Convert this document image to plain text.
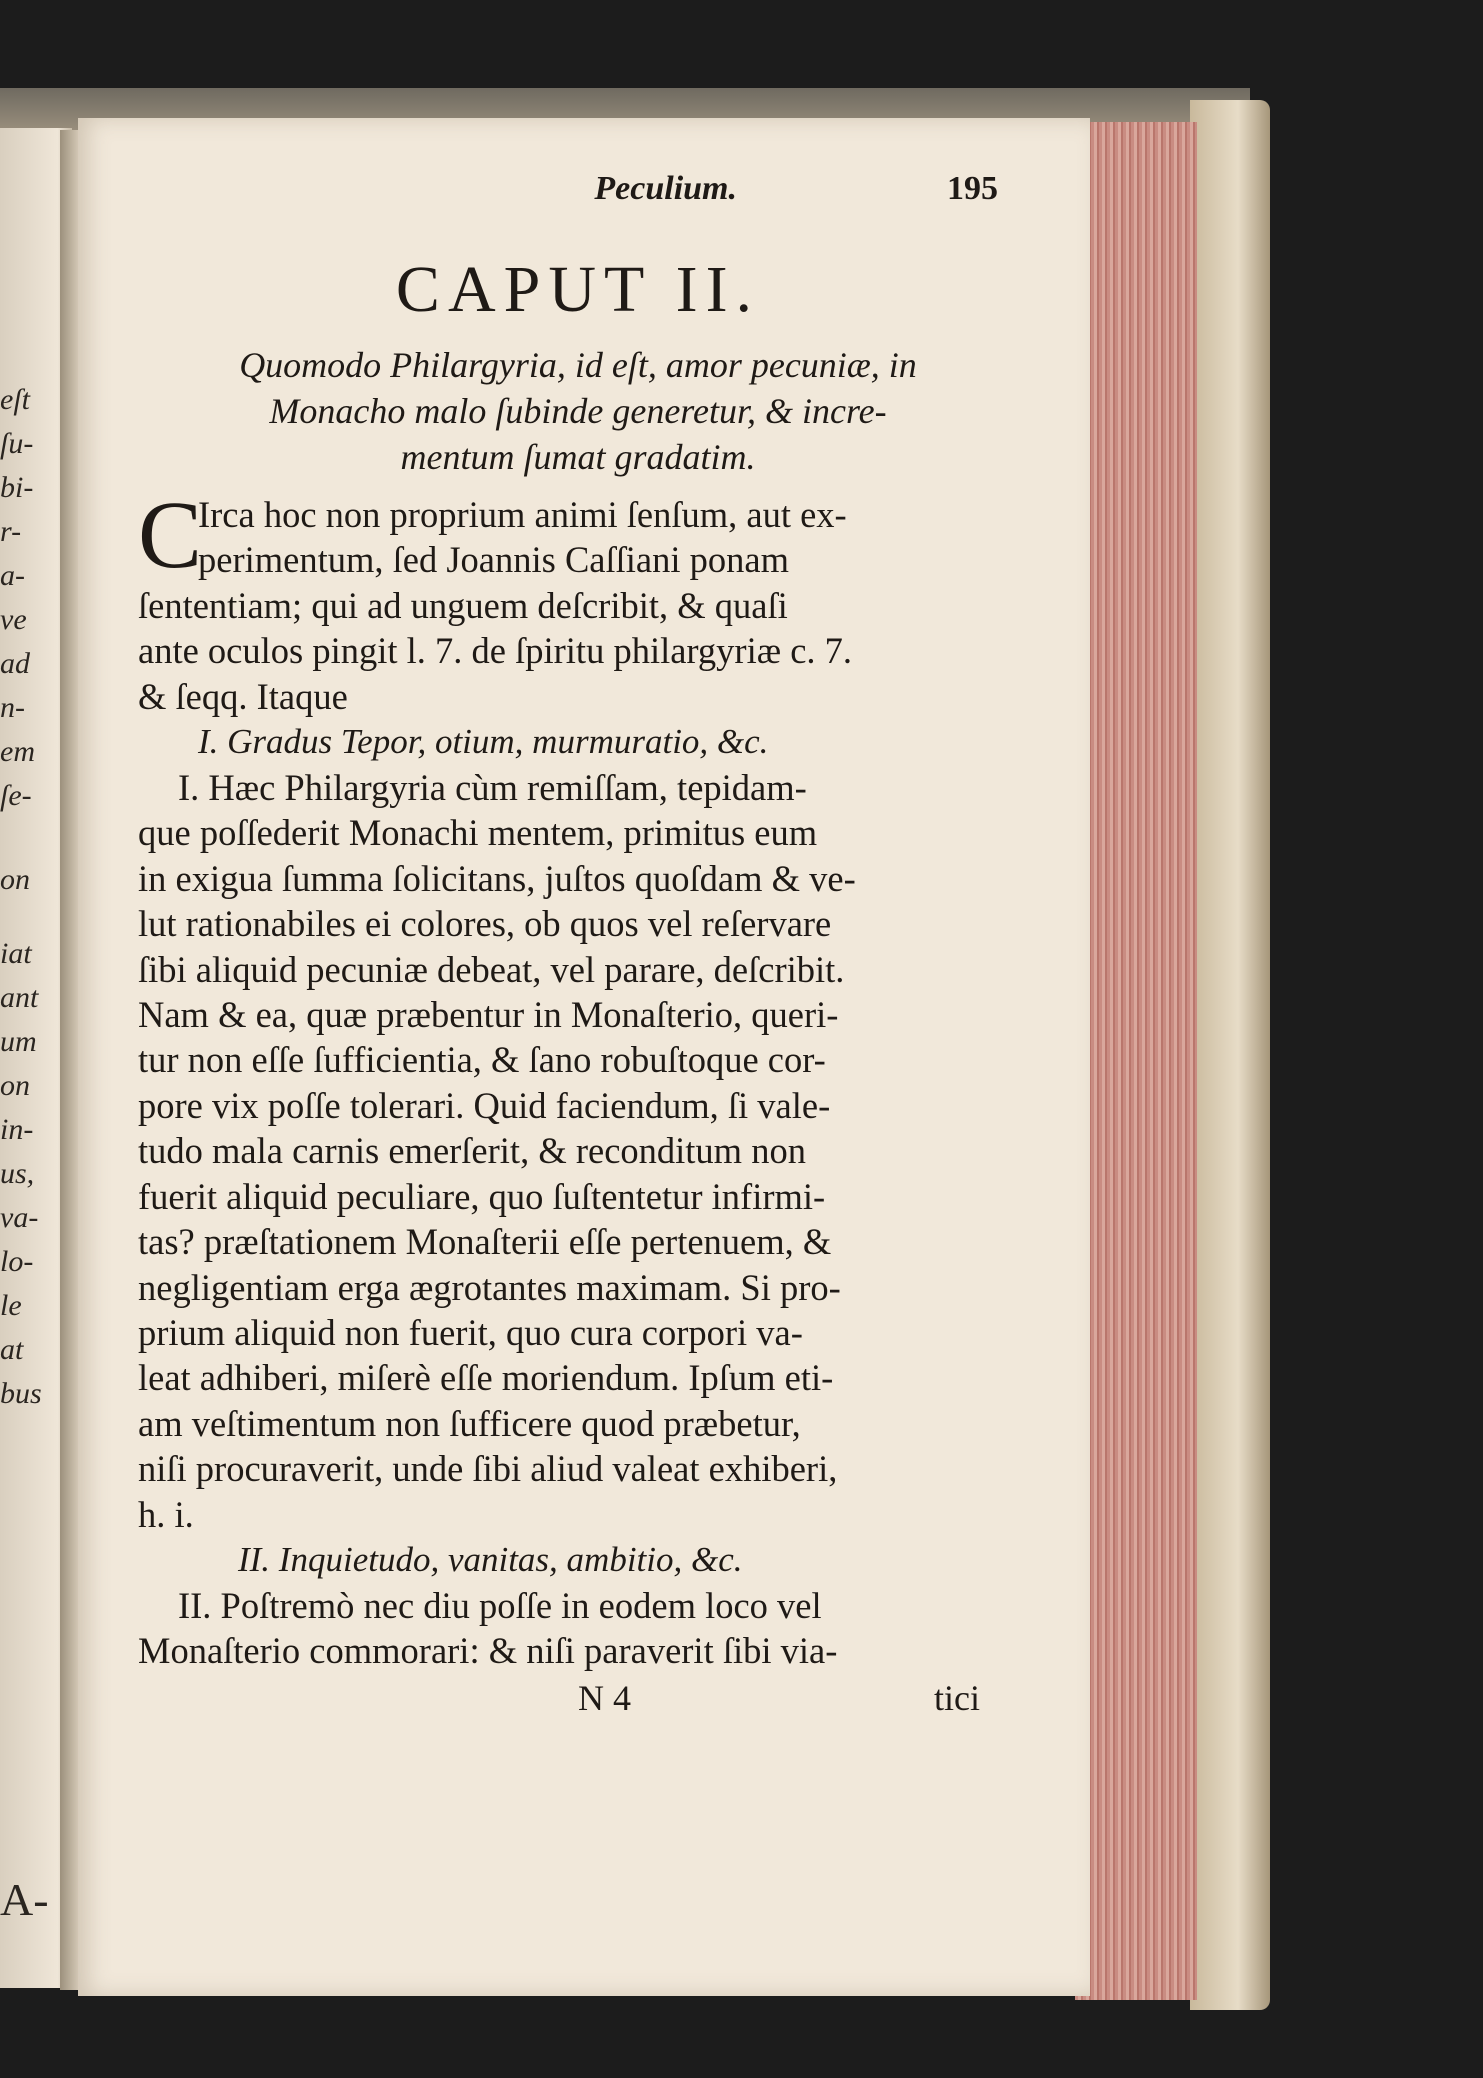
eſt
ſu-
bi-
r-
a-
ve
ad
n-
em
ſe-
on
iat
ant
um
on
in-
us,
va-
lo-
le
at
bus
A-
Peculium.	195
CAPUT II.
Quomodo Philargyria, id eſt, amor pecuniæ, in
Monacho malo ſubinde generetur, & incre-
mentum ſumat gradatim.
C
Irca hoc non proprium animi ſenſum, aut ex-
perimentum, ſed Joannis Caſſiani ponam
ſententiam; qui ad unguem deſcribit, & quaſi
ante oculos pingit l. 7. de ſpiritu philargyriæ c. 7.
& ſeqq. Itaque
I. Gradus Tepor, otium, murmuratio, &c.
I. Hæc Philargyria cùm remiſſam, tepidam-
que poſſederit Monachi mentem, primitus eum
in exigua ſumma ſolicitans, juſtos quoſdam & ve-
lut rationabiles ei colores, ob quos vel reſervare
ſibi aliquid pecuniæ debeat, vel parare, deſcribit.
Nam & ea, quæ præbentur in Monaſterio, queri-
tur non eſſe ſufficientia, & ſano robuſtoque cor-
pore vix poſſe tolerari. Quid faciendum, ſi vale-
tudo mala carnis emerſerit, & reconditum non
fuerit aliquid peculiare, quo ſuſtentetur infirmi-
tas? præſtationem Monaſterii eſſe pertenuem, &
negligentiam erga ægrotantes maximam. Si pro-
prium aliquid non fuerit, quo cura corpori va-
leat adhiberi, miſerè eſſe moriendum. Ipſum eti-
am veſtimentum non ſufficere quod præbetur,
niſi procuraverit, unde ſibi aliud valeat exhiberi,
h. i.
II. Inquietudo, vanitas, ambitio, &c.
II. Poſtremò nec diu poſſe in eodem loco vel
Monaſterio commorari: & niſi paraverit ſibi via-
N 4	tici
